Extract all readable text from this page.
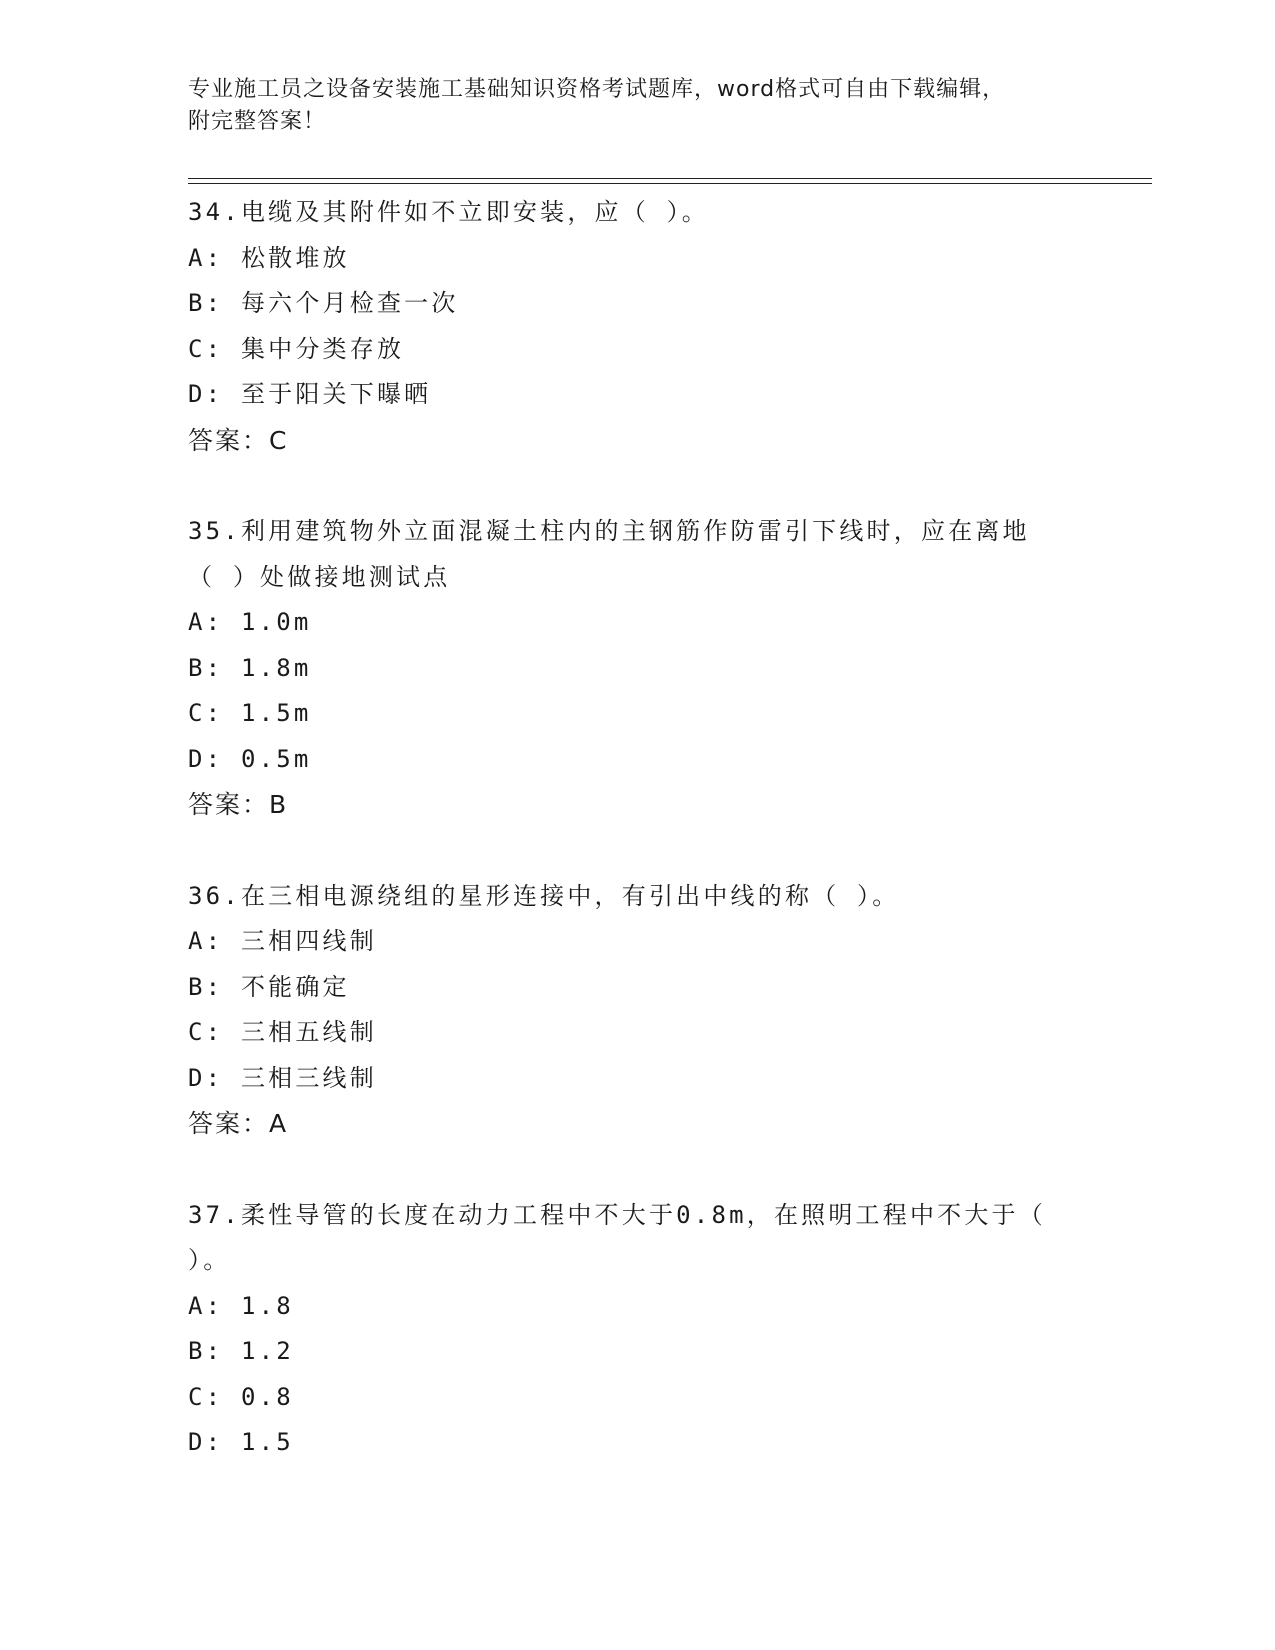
专业施工员之设备安装施工基础知识资格考试题库，word格式可自由下载编辑，
附完整答案！

34.电缆及其附件如不立即安装，应（ ）。

A: 松散堆放

B: 每六个月检查一次

C: 集中分类存放

D: 至于阳关下曝晒

答案：C

35.利用建筑物外立面混凝土柱内的主钢筋作防雷引下线时，应在离地

（ ）处做接地测试点

A: 1.0m

B: 1.8m

C: 1.5m

D: 0.5m

答案：B

36.在三相电源绕组的星形连接中，有引出中线的称（ ）。

A: 三相四线制

B: 不能确定

C: 三相五线制

D: 三相三线制

答案：A

37.柔性导管的长度在动力工程中不大于0.8m，在照明工程中不大于（

）。

A: 1.8

B: 1.2

C: 0.8

D: 1.5
